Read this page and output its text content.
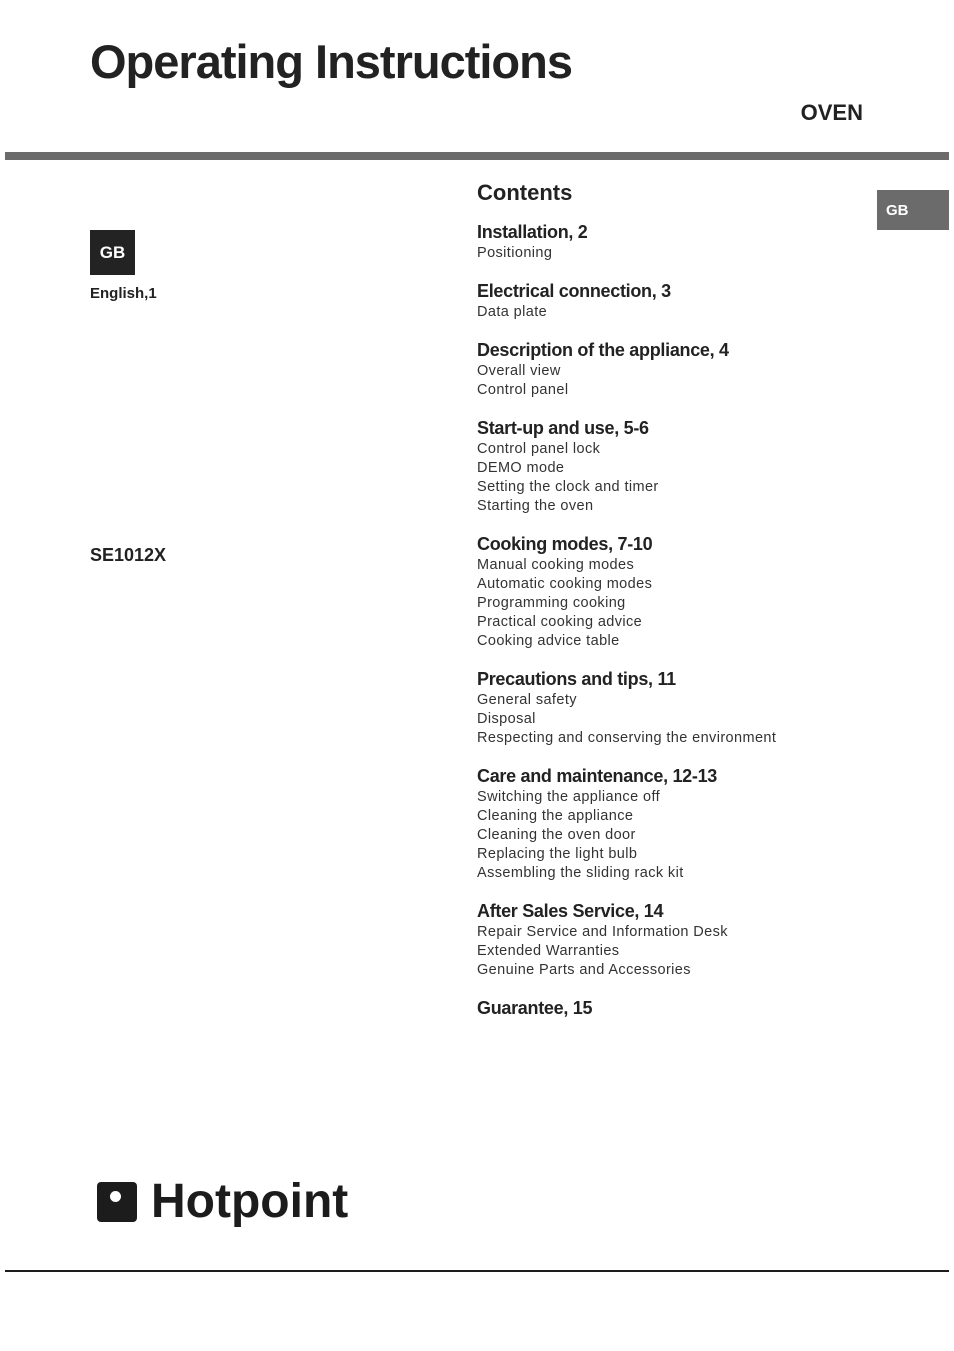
Operating Instructions
OVEN
GB
English,1
SE1012X
GB
Contents
Installation, 2
Positioning
Electrical connection, 3
Data plate
Description of the appliance, 4
Overall view
Control panel
Start-up and use, 5-6
Control panel lock
DEMO mode
Setting the clock and timer
Starting the oven
Cooking modes, 7-10
Manual cooking modes
Automatic cooking modes
Programming cooking
Practical cooking advice
Cooking advice table
Precautions and tips, 11
General safety
Disposal
Respecting and conserving the environment
Care and maintenance, 12-13
Switching the appliance off
Cleaning the appliance
Cleaning the oven door
Replacing the light bulb
Assembling the sliding rack kit
After Sales Service, 14
Repair Service and Information Desk
Extended Warranties
Genuine Parts and Accessories
Guarantee, 15
Hotpoint
